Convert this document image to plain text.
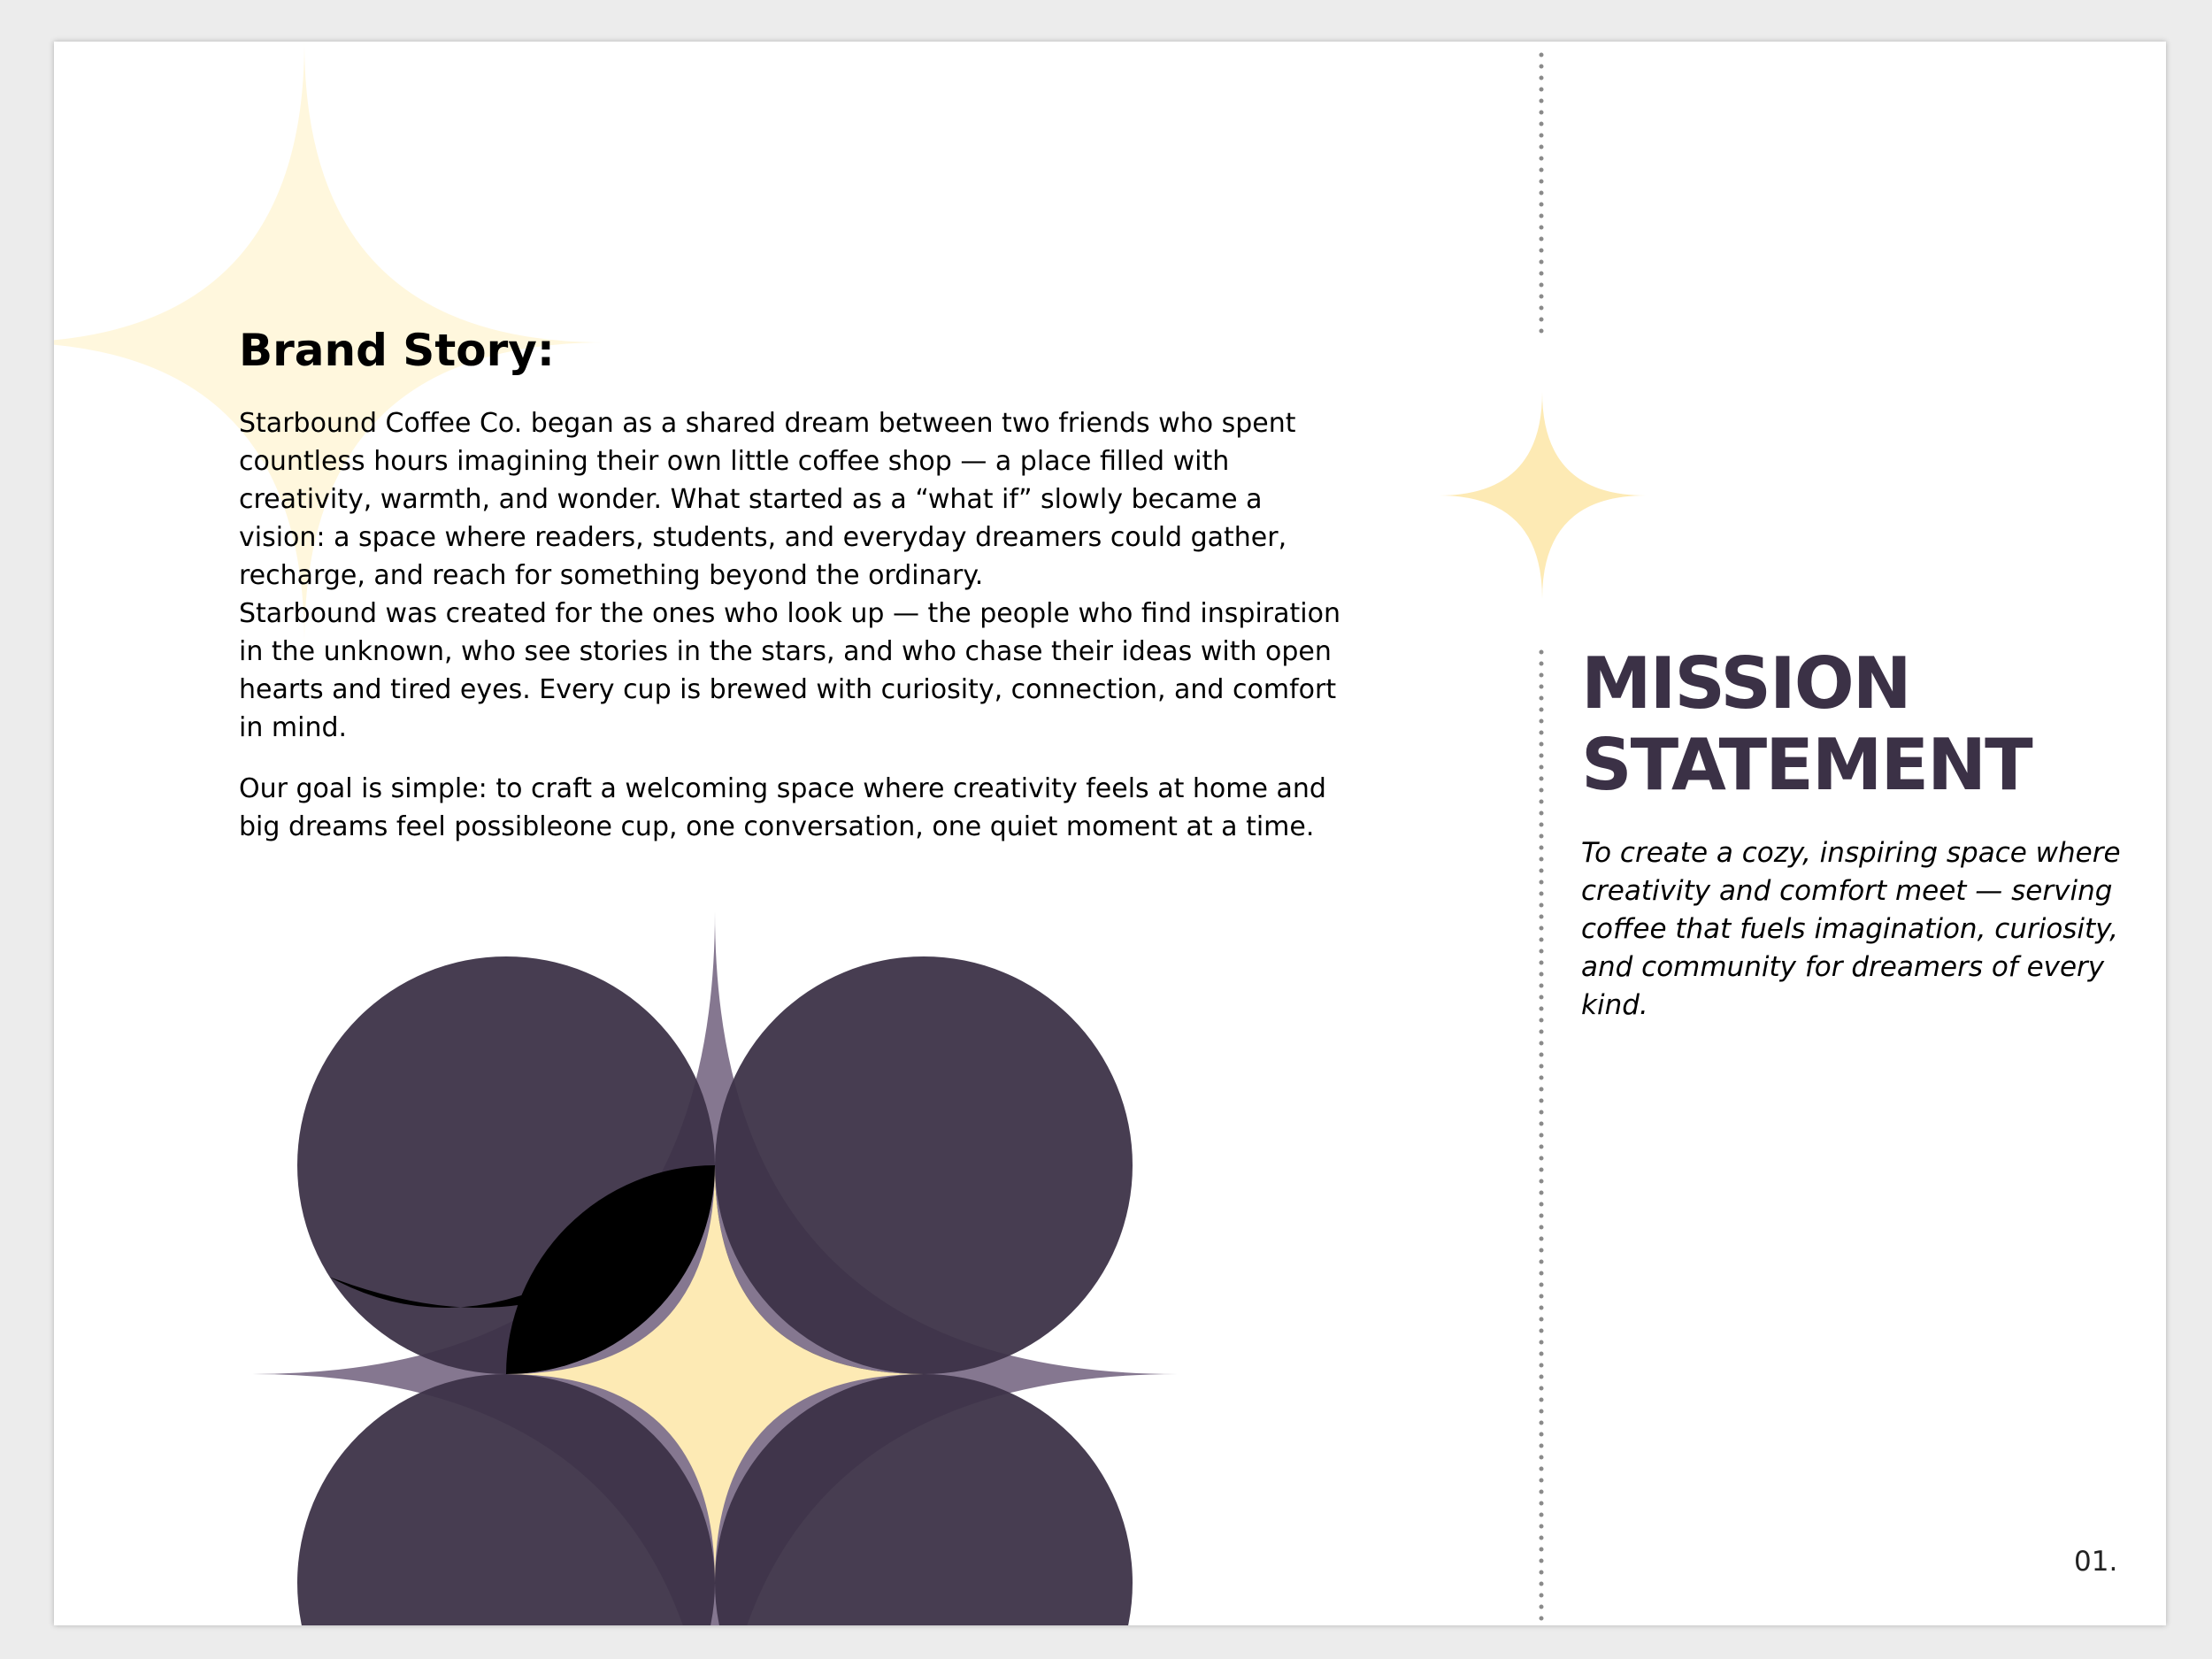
Brand Story:

Starbound Coffee Co. began as a shared dream between two friends who spent countless hours imagining their own little coffee shop — a place filled with creativity, warmth, and wonder. What started as a “what if” slowly became a vision: a space where readers, students, and everyday dreamers could gather, recharge, and reach for something beyond the ordinary.

Starbound was created for the ones who look up — the people who find inspiration in the unknown, who see stories in the stars, and who chase their ideas with open hearts and tired eyes. Every cup is brewed with curiosity, connection, and comfort in mind.

Our goal is simple: to craft a welcoming space where creativity feels at home and big dreams feel possibleone cup, one conversation, one quiet moment at a time.

MISSION
STATEMENT
To create a cozy, inspiring space where creativity and comfort meet — serving coffee that fuels imagination, curiosity, and community for dreamers of every kind.
01.
